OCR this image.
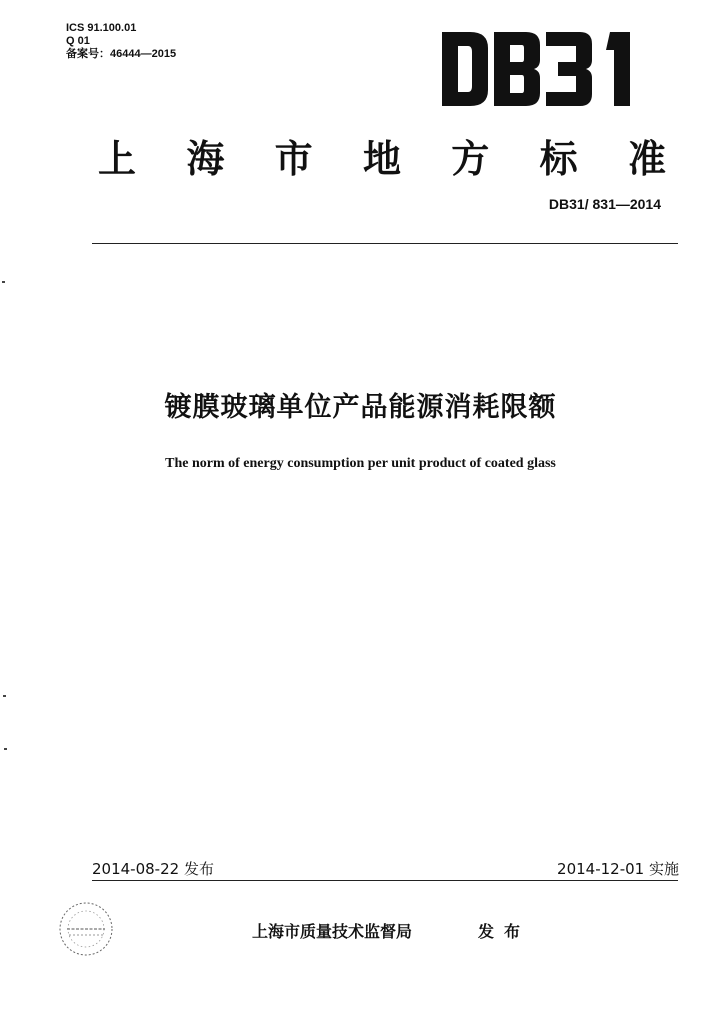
ICS 91.100.01
Q 01
备案号：46444—2015
上 海 市 地 方 标 准
DB31/ 831—2014
镀膜玻璃单位产品能源消耗限额
The norm of energy consumption per unit product of coated glass
2014-08-22 发布	2014-12-01 实施
上海市质量技术监督局	发布
